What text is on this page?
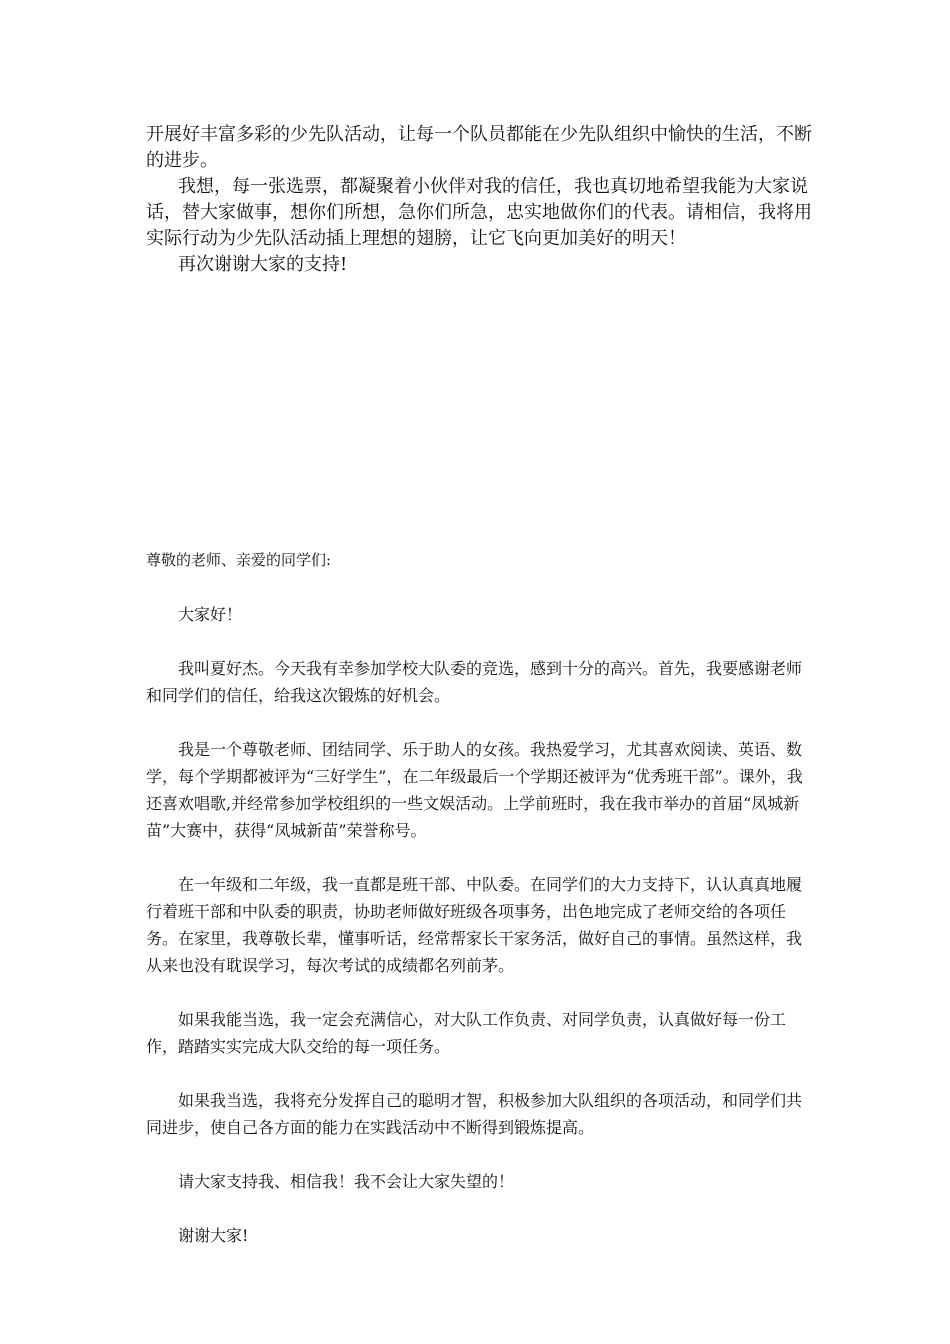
开展好丰富多彩的少先队活动，让每一个队员都能在少先队组织中愉快的生活，不断的进步。

我想，每一张选票，都凝聚着小伙伴对我的信任，我也真切地希望我能为大家说话，替大家做事，想你们所想，急你们所急，忠实地做你们的代表。请相信，我将用实际行动为少先队活动插上理想的翅膀，让它飞向更加美好的明天！

再次谢谢大家的支持!

尊敬的老师、亲爱的同学们:

大家好！

我叫夏好杰。今天我有幸参加学校大队委的竞选，感到十分的高兴。首先，我要感谢老师和同学们的信任，给我这次锻炼的好机会。

我是一个尊敬老师、团结同学、乐于助人的女孩。我热爱学习，尤其喜欢阅读、英语、数学，每个学期都被评为“三好学生”，在二年级最后一个学期还被评为“优秀班干部”。课外，我还喜欢唱歌,并经常参加学校组织的一些文娱活动。上学前班时，我在我市举办的首届“凤城新苗”大赛中，获得“凤城新苗”荣誉称号。

在一年级和二年级，我一直都是班干部、中队委。在同学们的大力支持下，认认真真地履行着班干部和中队委的职责，协助老师做好班级各项事务，出色地完成了老师交给的各项任务。在家里，我尊敬长辈，懂事听话，经常帮家长干家务活，做好自己的事情。虽然这样，我从来也没有耽误学习，每次考试的成绩都名列前茅。

如果我能当选，我一定会充满信心，对大队工作负责、对同学负责，认真做好每一份工作，踏踏实实完成大队交给的每一项任务。

如果我当选，我将充分发挥自己的聪明才智，积极参加大队组织的各项活动，和同学们共同进步，使自己各方面的能力在实践活动中不断得到锻炼提高。

请大家支持我、相信我！我不会让大家失望的！

谢谢大家!
